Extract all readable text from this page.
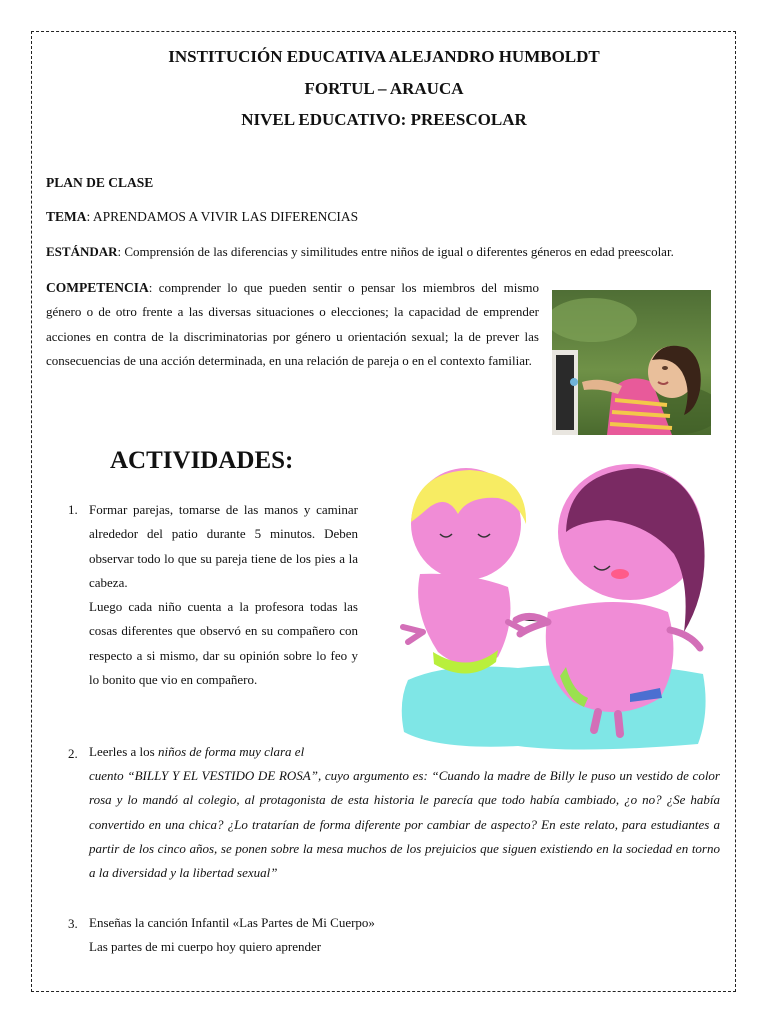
INSTITUCIÓN EDUCATIVA ALEJANDRO HUMBOLDT
FORTUL – ARAUCA
NIVEL EDUCATIVO: PREESCOLAR
PLAN DE CLASE
TEMA: APRENDAMOS A VIVIR LAS DIFERENCIAS
ESTÁNDAR: Comprensión de las diferencias y similitudes entre niños de igual o diferentes géneros en edad preescolar.
COMPETENCIA: comprender lo que pueden sentir o pensar los miembros del mismo género o de otro frente a las diversas situaciones o elecciones; la capacidad de emprender acciones en contra de la discriminatorias por género u orientación sexual; la de prever las consecuencias de una acción determinada, en una relación de pareja o en el contexto familiar.
ACTIVIDADES:
1. Formar parejas, tomarse de las manos y caminar alrededor del patio durante 5 minutos. Deben observar todo lo que su pareja tiene de los pies a la cabeza.
Luego cada niño cuenta a la profesora todas las cosas diferentes que observó en su compañero con respecto a si mismo, dar su opinión sobre lo feo y lo bonito que vio en compañero.
2. Leerles a los niños de forma muy clara el
cuento “BILLY Y EL VESTIDO DE ROSA”, cuyo argumento es: “Cuando la madre de Billy le puso un vestido de color rosa y lo mandó al colegio, al protagonista de esta historia le parecía que todo había cambiado, ¿o no? ¿Se había convertido en una chica? ¿Lo tratarían de forma diferente por cambiar de aspecto? En este relato, para estudiantes a partir de los cinco años, se ponen sobre la mesa muchos de los prejuicios que siguen existiendo en la sociedad en torno a la diversidad y la libertad sexual”
3. Enseñas la canción Infantil «Las Partes de Mi Cuerpo»
Las partes de mi cuerpo hoy quiero aprender
